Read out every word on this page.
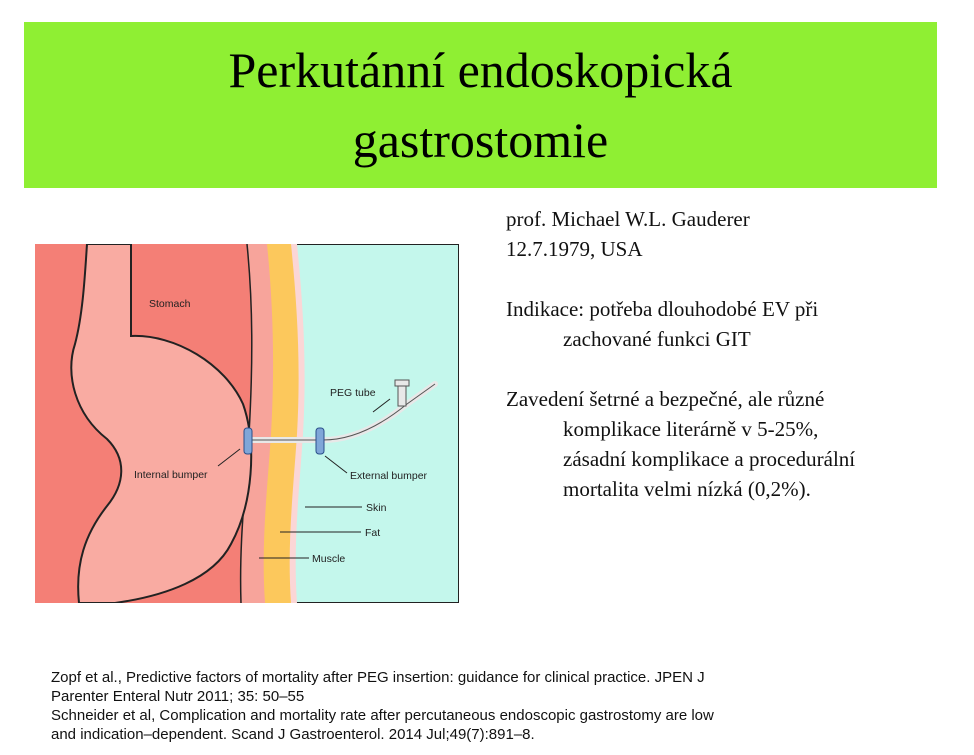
Perkutánní endoskopická
gastrostomie
Stomach
PEG tube
Internal bumper	External bumper
Skin
Fat
Muscle

prof. Michael W.L. Gauderer

12.7.1979, USA

Indikace: potřeba dlouhodobé EV při

zachované funkci GIT

Zavedení šetrné a bezpečné, ale různé

komplikace literárně v 5-25%,

zásadní komplikace a procedurální

mortalita velmi nízká (0,2%).

Zopf et al., Predictive factors of mortality after PEG insertion: guidance for clinical practice. JPEN J

Parenter Enteral Nutr 2011; 35: 50–55

Schneider et al, Complication and mortality rate after percutaneous endoscopic gastrostomy are low

and indication–dependent. Scand J Gastroenterol. 2014 Jul;49(7):891–8.
